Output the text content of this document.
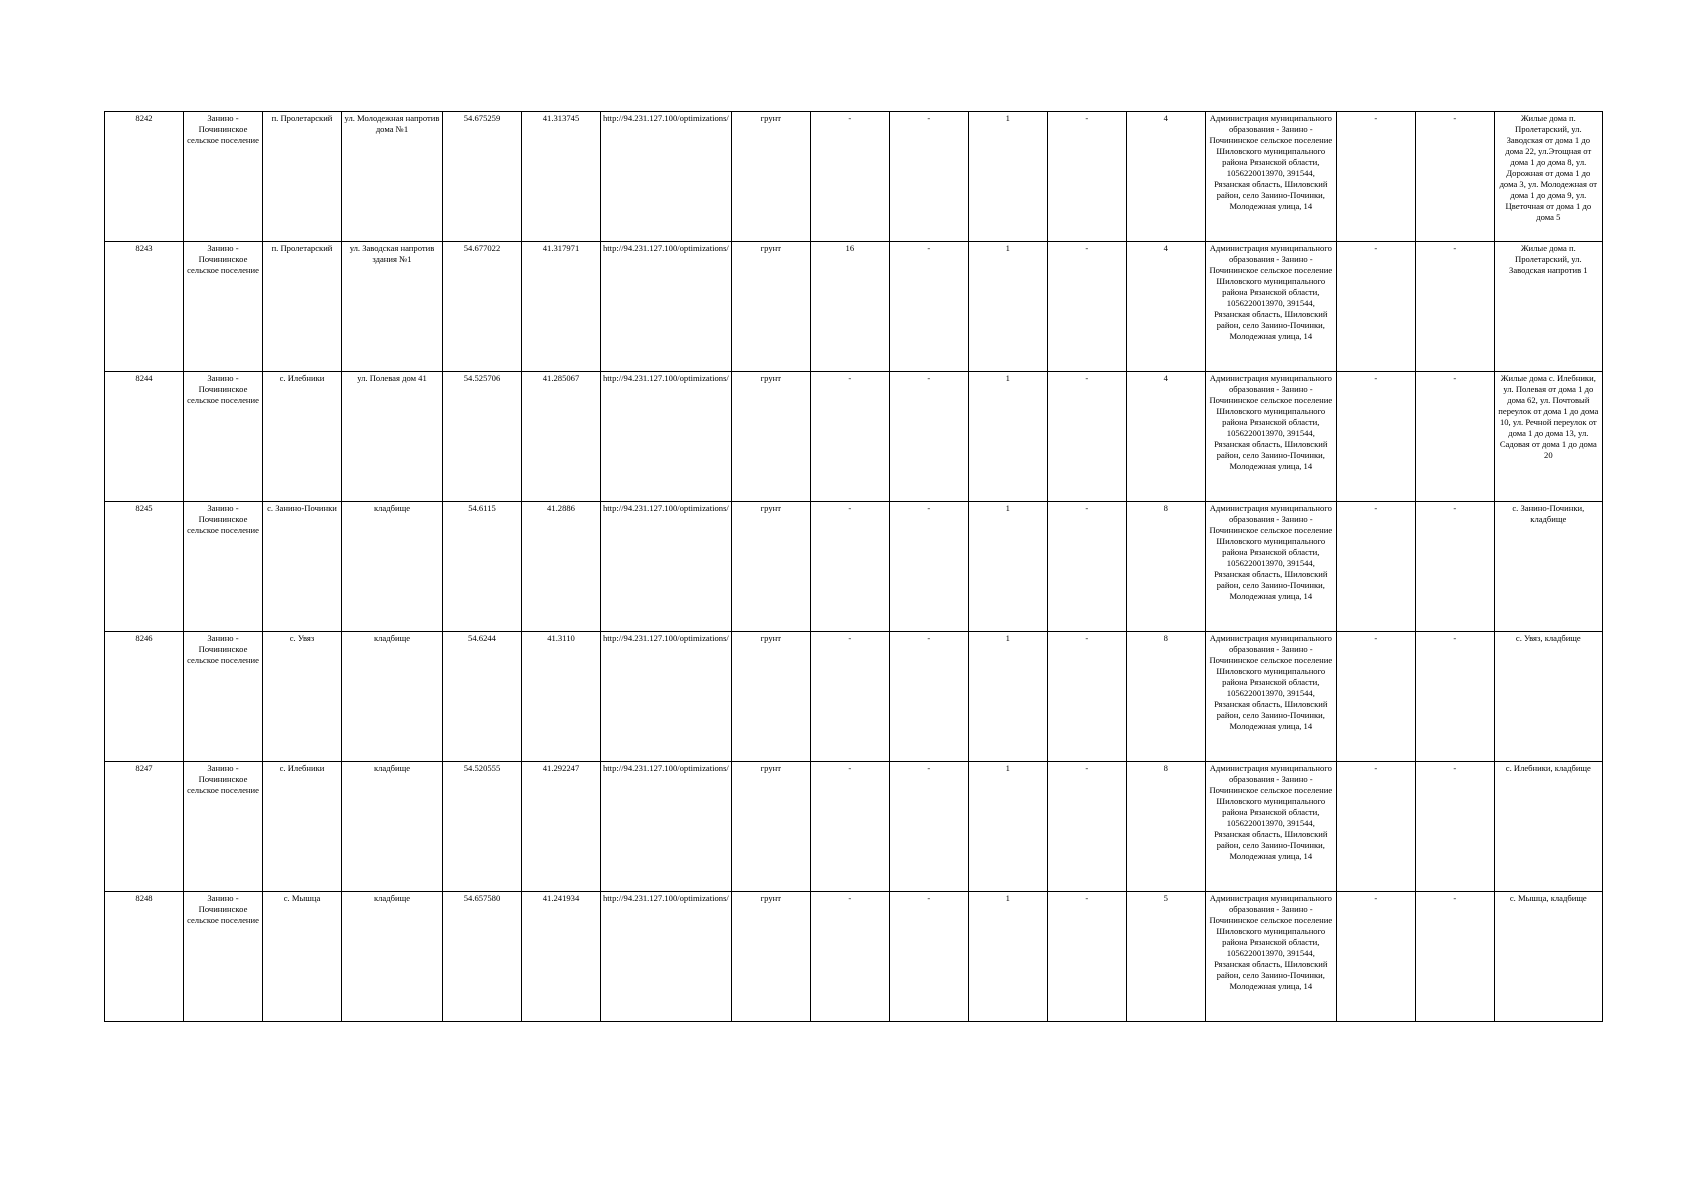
8242	Занино - Почининское сельское поселение	п. Пролетарский	ул. Молодежная напротив дома №1	54.675259	41.313745	http://94.231.127.100/optimizations/	грунт	-	-	1	-	4	Администрация муниципального образования - Занино - Почининское сельское поселение Шиловского муниципального района Рязанской области, 1056220013970, 391544, Рязанская область, Шиловский район, село Занино-Починки, Молодежная улица, 14	-	-	Жилые дома п. Пролетарский, ул. Заводская от дома 1 до дома 22, ул.Этощная от дома 1 до дома 8, ул. Дорожная от дома 1 до дома 3, ул. Молодежная от дома 1 до дома 9, ул. Цветочная от дома 1 до дома 5
8243	Занино - Почининское сельское поселение	п. Пролетарский	ул. Заводская напротив здания №1	54.677022	41.317971	http://94.231.127.100/optimizations/	грунт	16	-	1	-	4	Администрация муниципального образования - Занино - Почининское сельское поселение Шиловского муниципального района Рязанской области, 1056220013970, 391544, Рязанская область, Шиловский район, село Занино-Починки, Молодежная улица, 14	-	-	Жилые дома п. Пролетарский, ул. Заводская напротив 1
8244	Занино - Почининское сельское поселение	с. Илебники	ул. Полевая дом 41	54.525706	41.285067	http://94.231.127.100/optimizations/	грунт	-	-	1	-	4	Администрация муниципального образования - Занино - Почининское сельское поселение Шиловского муниципального района Рязанской области, 1056220013970, 391544, Рязанская область, Шиловский район, село Занино-Починки, Молодежная улица, 14	-	-	Жилые дома с. Илебники, ул. Полевая от дома 1 до дома 62, ул. Почтовый переулок от дома 1 до дома 10, ул. Речной переулок от дома 1 до дома 13, ул. Садовая от дома 1 до дома 20
8245	Занино - Почининское сельское поселение	с. Занино-Починки	кладбище	54.6115	41.2886	http://94.231.127.100/optimizations/	грунт	-	-	1	-	8	Администрация муниципального образования - Занино - Почининское сельское поселение Шиловского муниципального района Рязанской области, 1056220013970, 391544, Рязанская область, Шиловский район, село Занино-Починки, Молодежная улица, 14	-	-	с. Занино-Починки, кладбище
8246	Занино - Почининское сельское поселение	с. Увяз	кладбище	54.6244	41.3110	http://94.231.127.100/optimizations/	грунт	-	-	1	-	8	Администрация муниципального образования - Занино - Почининское сельское поселение Шиловского муниципального района Рязанской области, 1056220013970, 391544, Рязанская область, Шиловский район, село Занино-Починки, Молодежная улица, 14	-	-	с. Увяз, кладбище
8247	Занино - Почининское сельское поселение	с. Илебники	кладбище	54.520555	41.292247	http://94.231.127.100/optimizations/	грунт	-	-	1	-	8	Администрация муниципального образования - Занино - Почининское сельское поселение Шиловского муниципального района Рязанской области, 1056220013970, 391544, Рязанская область, Шиловский район, село Занино-Починки, Молодежная улица, 14	-	-	с. Илебники, кладбище
8248	Занино - Почининское сельское поселение	с. Мышца	кладбище	54.657580	41.241934	http://94.231.127.100/optimizations/	грунт	-	-	1	-	5	Администрация муниципального образования - Занино - Почининское сельское поселение Шиловского муниципального района Рязанской области, 1056220013970, 391544, Рязанская область, Шиловский район, село Занино-Починки, Молодежная улица, 14	-	-	с. Мышца, кладбище
